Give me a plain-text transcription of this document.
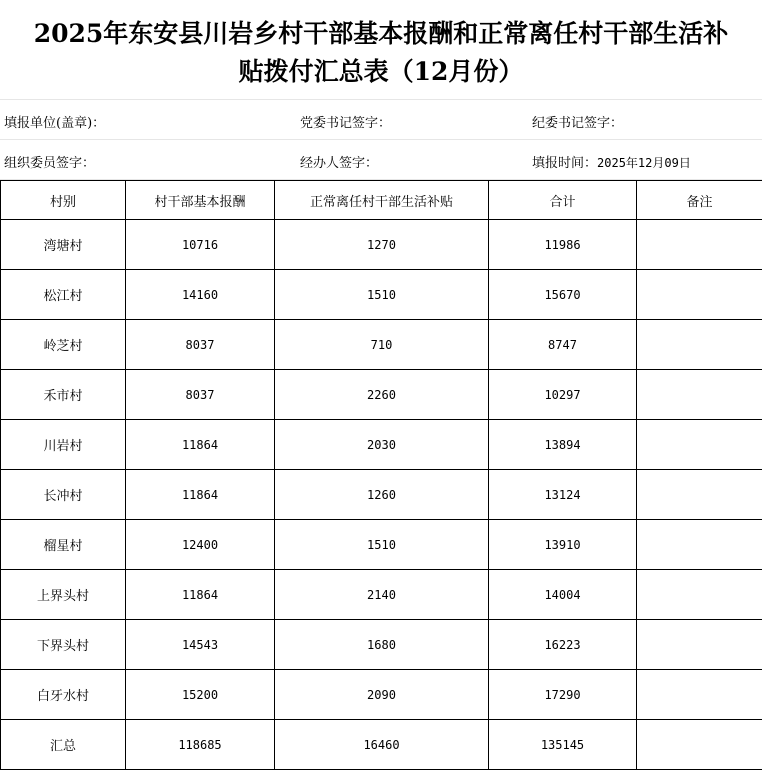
2025年东安县川岩乡村干部基本报酬和正常离任村干部生活补
贴拨付汇总表（12月份）
填报单位(盖章)：	党委书记签字：	纪委书记签字：
组织委员签字：	经办人签字：	填报时间：2025年12月09日
村别	村干部基本报酬	正常离任村干部生活补贴	合计	备注
湾塘村	10716	1270	11986	
松江村	14160	1510	15670	
岭芝村	8037	710	8747	
禾市村	8037	2260	10297	
川岩村	11864	2030	13894	
长冲村	11864	1260	13124	
榴星村	12400	1510	13910	
上界头村	11864	2140	14004	
下界头村	14543	1680	16223	
白牙水村	15200	2090	17290	
汇总	118685	16460	135145	
